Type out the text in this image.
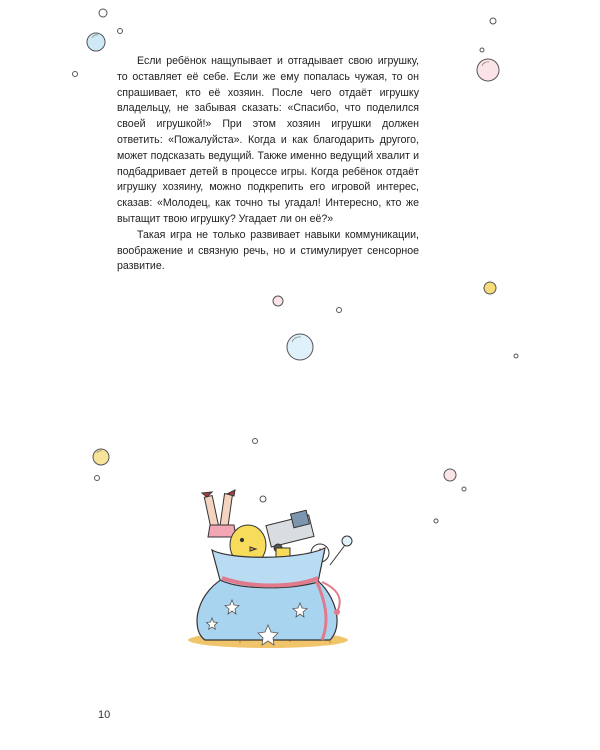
Если ребёнок нащупывает и отгадывает свою игрушку, то оставляет её себе. Если же ему попалась чужая, то он спрашивает, кто её хозяин. После чего отдаёт игрушку владельцу, не забывая сказать: «Спасибо, что поделился своей игрушкой!» При этом хозяин игрушки должен ответить: «Пожалуйста». Когда и как благодарить другого, может подсказать ведущий. Также именно ведущий хвалит и подбадривает детей в процессе игры. Когда ребёнок отдаёт игрушку хозяину, можно подкрепить его игровой интерес, сказав: «Молодец, как точно ты угадал! Интересно, кто же вытащит твою игрушку? Угадает ли он её?»

Такая игра не только развивает навыки коммуникации, воображение и связную речь, но и стимулирует сенсорное развитие.

10
